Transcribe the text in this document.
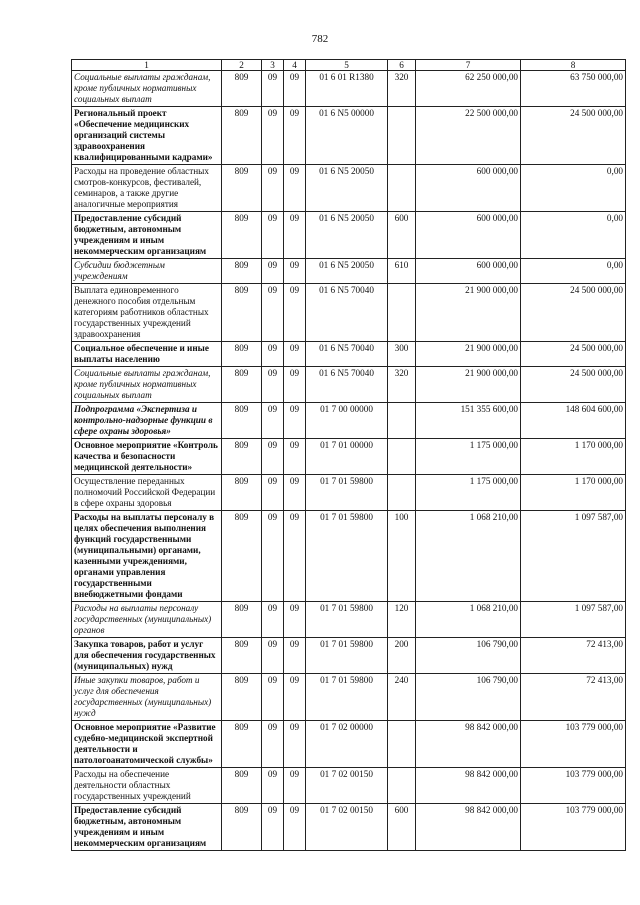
782
1	2	3	4	5	6	7	8
Социальные выплаты гражданам, кроме публичных нормативных социальных выплат	809	09	09	01 6 01 R1380	320	62 250 000,00	63 750 000,00
Региональный проект «Обеспечение медицинских организаций системы здравоохранения квалифицированными кадрами»	809	09	09	01 6 N5 00000		22 500 000,00	24 500 000,00
Расходы на проведение областных смотров-конкурсов, фестивалей, семинаров, а также другие аналогичные мероприятия	809	09	09	01 6 N5 20050		600 000,00	0,00
Предоставление субсидий бюджетным, автономным учреждениям и иным некоммерческим организациям	809	09	09	01 6 N5 20050	600	600 000,00	0,00
Субсидии бюджетным учреждениям	809	09	09	01 6 N5 20050	610	600 000,00	0,00
Выплата единовременного денежного пособия отдельным категориям работников областных государственных учреждений здравоохранения	809	09	09	01 6 N5 70040		21 900 000,00	24 500 000,00
Социальное обеспечение и иные выплаты населению	809	09	09	01 6 N5 70040	300	21 900 000,00	24 500 000,00
Социальные выплаты гражданам, кроме публичных нормативных социальных выплат	809	09	09	01 6 N5 70040	320	21 900 000,00	24 500 000,00
Подпрограмма «Экспертиза и контрольно-надзорные функции в сфере охраны здоровья»	809	09	09	01 7 00 00000		151 355 600,00	148 604 600,00
Основное мероприятие «Контроль качества и безопасности медицинской деятельности»	809	09	09	01 7 01 00000		1 175 000,00	1 170 000,00
Осуществление переданных полномочий Российской Федерации в сфере охраны здоровья	809	09	09	01 7 01 59800		1 175 000,00	1 170 000,00
Расходы на выплаты персоналу в целях обеспечения выполнения функций государственными (муниципальными) органами, казенными учреждениями, органами управления государственными внебюджетными фондами	809	09	09	01 7 01 59800	100	1 068 210,00	1 097 587,00
Расходы на выплаты персоналу государственных (муниципальных) органов	809	09	09	01 7 01 59800	120	1 068 210,00	1 097 587,00
Закупка товаров, работ и услуг для обеспечения государственных (муниципальных) нужд	809	09	09	01 7 01 59800	200	106 790,00	72 413,00
Иные закупки товаров, работ и услуг для обеспечения государственных (муниципальных) нужд	809	09	09	01 7 01 59800	240	106 790,00	72 413,00
Основное мероприятие «Развитие судебно-медицинской экспертной деятельности и патологоанатомической службы»	809	09	09	01 7 02 00000		98 842 000,00	103 779 000,00
Расходы на обеспечение деятельности областных государственных учреждений	809	09	09	01 7 02 00150		98 842 000,00	103 779 000,00
Предоставление субсидий бюджетным, автономным учреждениям и иным некоммерческим организациям	809	09	09	01 7 02 00150	600	98 842 000,00	103 779 000,00
